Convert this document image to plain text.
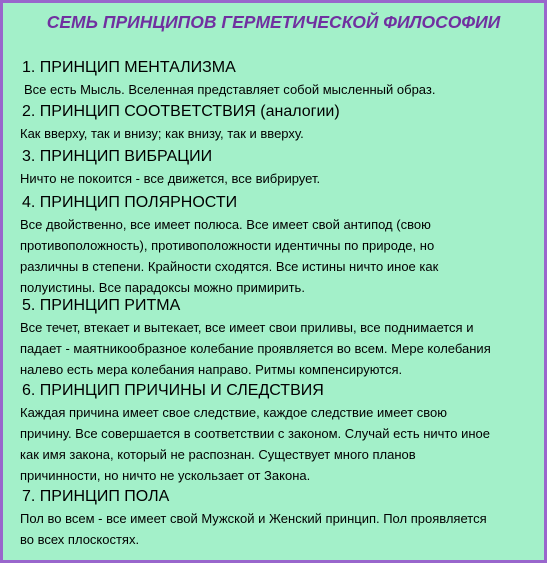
СЕМЬ ПРИНЦИПОВ ГЕРМЕТИЧЕСКОЙ ФИЛОСОФИИ
1. ПРИНЦИП МЕНТАЛИЗМА
Все есть Мысль. Вселенная представляет собой мысленный образ.
2. ПРИНЦИП СООТВЕТСТВИЯ (аналогии)
Как вверху, так и внизу; как внизу, так и вверху.
3. ПРИНЦИП ВИБРАЦИИ
Ничто не покоится - все движется, все вибрирует.
4. ПРИНЦИП ПОЛЯРНОСТИ
Все двойственно, все имеет полюса. Все имеет свой антипод (свою
противоположность), противоположности идентичны по природе, но
различны в степени. Крайности сходятся. Все истины ничто иное как
полуистины. Все парадоксы можно примирить.
5. ПРИНЦИП РИТМА
Все течет, втекает и вытекает, все имеет свои приливы, все поднимается и
падает - маятникообразное колебание проявляется во всем. Мере колебания
налево есть мера колебания направо. Ритмы компенсируются.
6. ПРИНЦИП ПРИЧИНЫ И СЛЕДСТВИЯ
Каждая причина имеет свое следствие, каждое следствие имеет свою
причину. Все совершается в соответствии с законом. Случай есть ничто иное
как имя закона, который не распознан. Существует много планов
причинности, но ничто не ускользает от Закона.
7. ПРИНЦИП ПОЛА
Пол во всем - все имеет свой Мужской и Женский принцип. Пол проявляется
во всех плоскостях.
